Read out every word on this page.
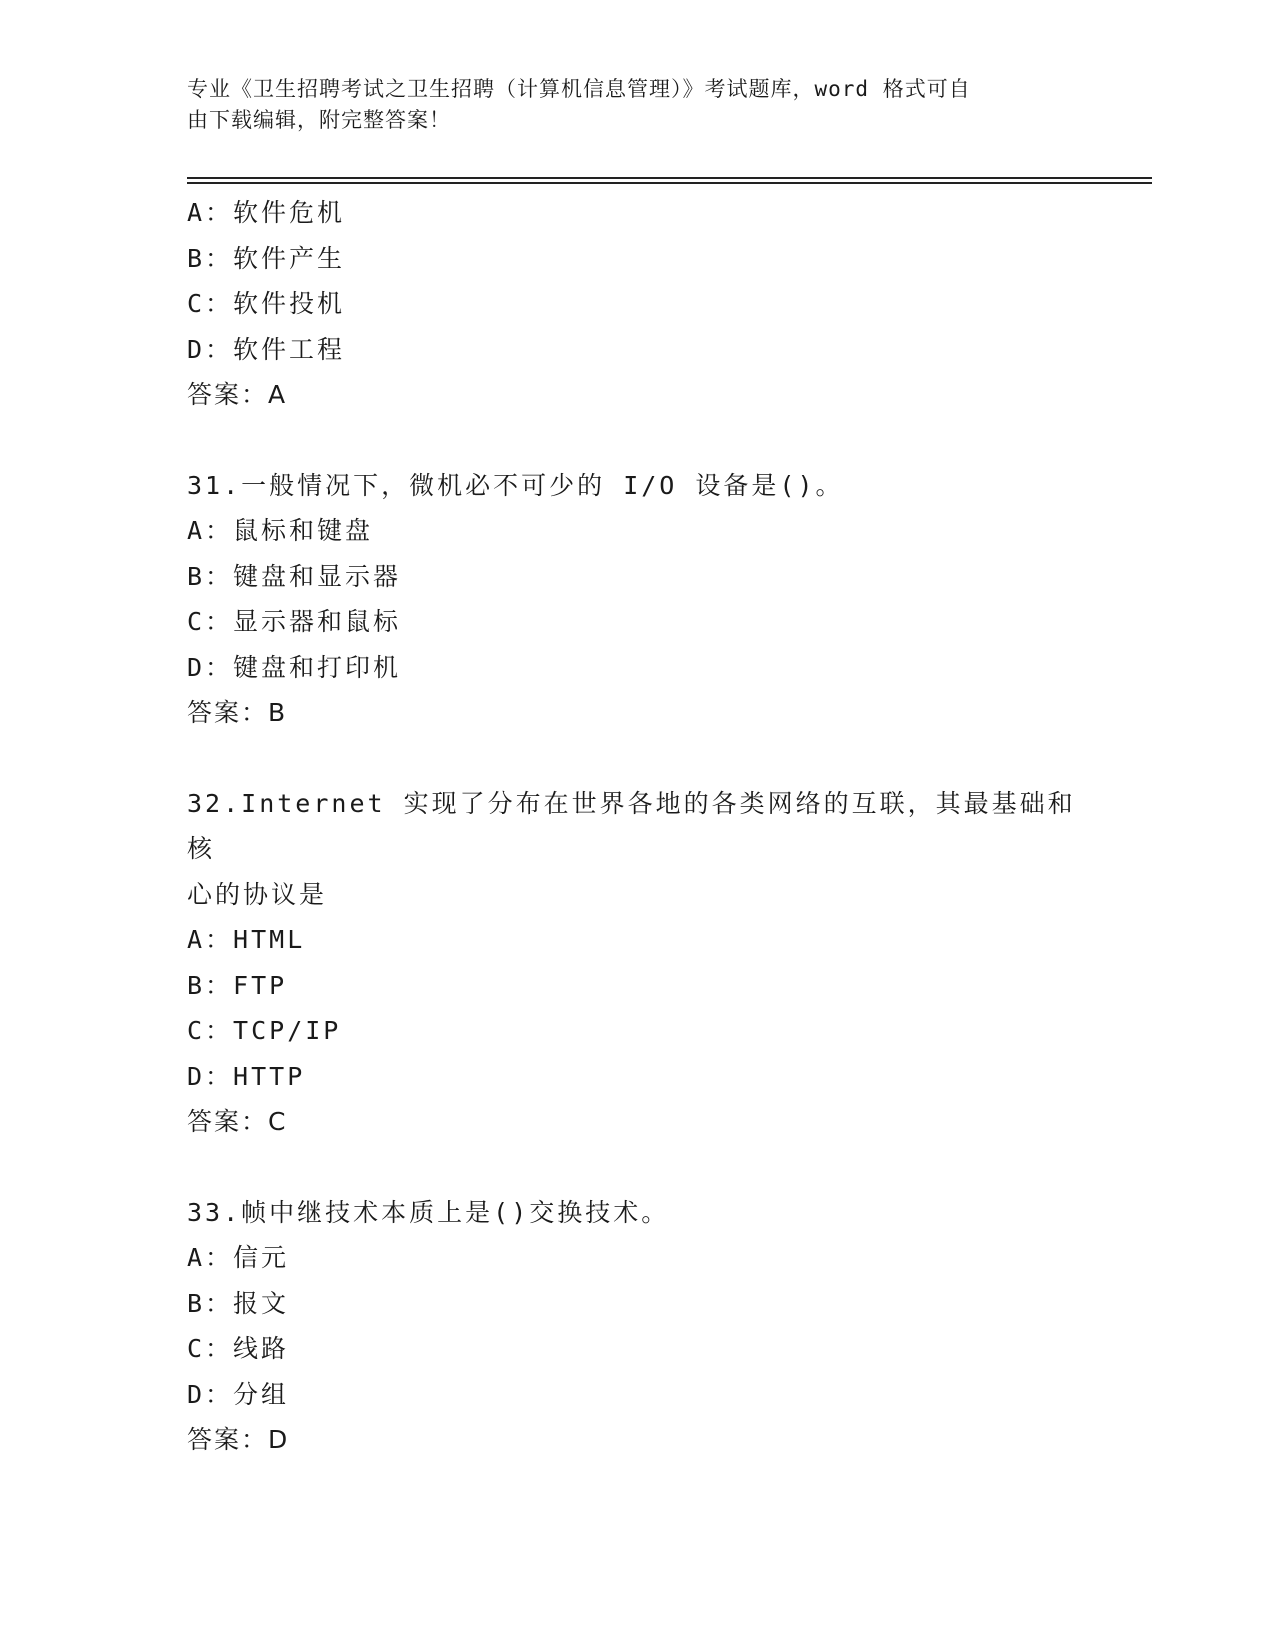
专业《卫生招聘考试之卫生招聘（计算机信息管理）》考试题库，word 格式可自
由下载编辑，附完整答案！
A：软件危机
B：软件产生
C：软件投机
D：软件工程
答案：A
31.一般情况下，微机必不可少的 I/O 设备是()。
A：鼠标和键盘
B：键盘和显示器
C：显示器和鼠标
D：键盘和打印机
答案：B
32.Internet 实现了分布在世界各地的各类网络的互联，其最基础和核
心的协议是
A：HTML
B：FTP
C：TCP/IP
D：HTTP
答案：C
33.帧中继技术本质上是()交换技术。
A：信元
B：报文
C：线路
D：分组
答案：D
